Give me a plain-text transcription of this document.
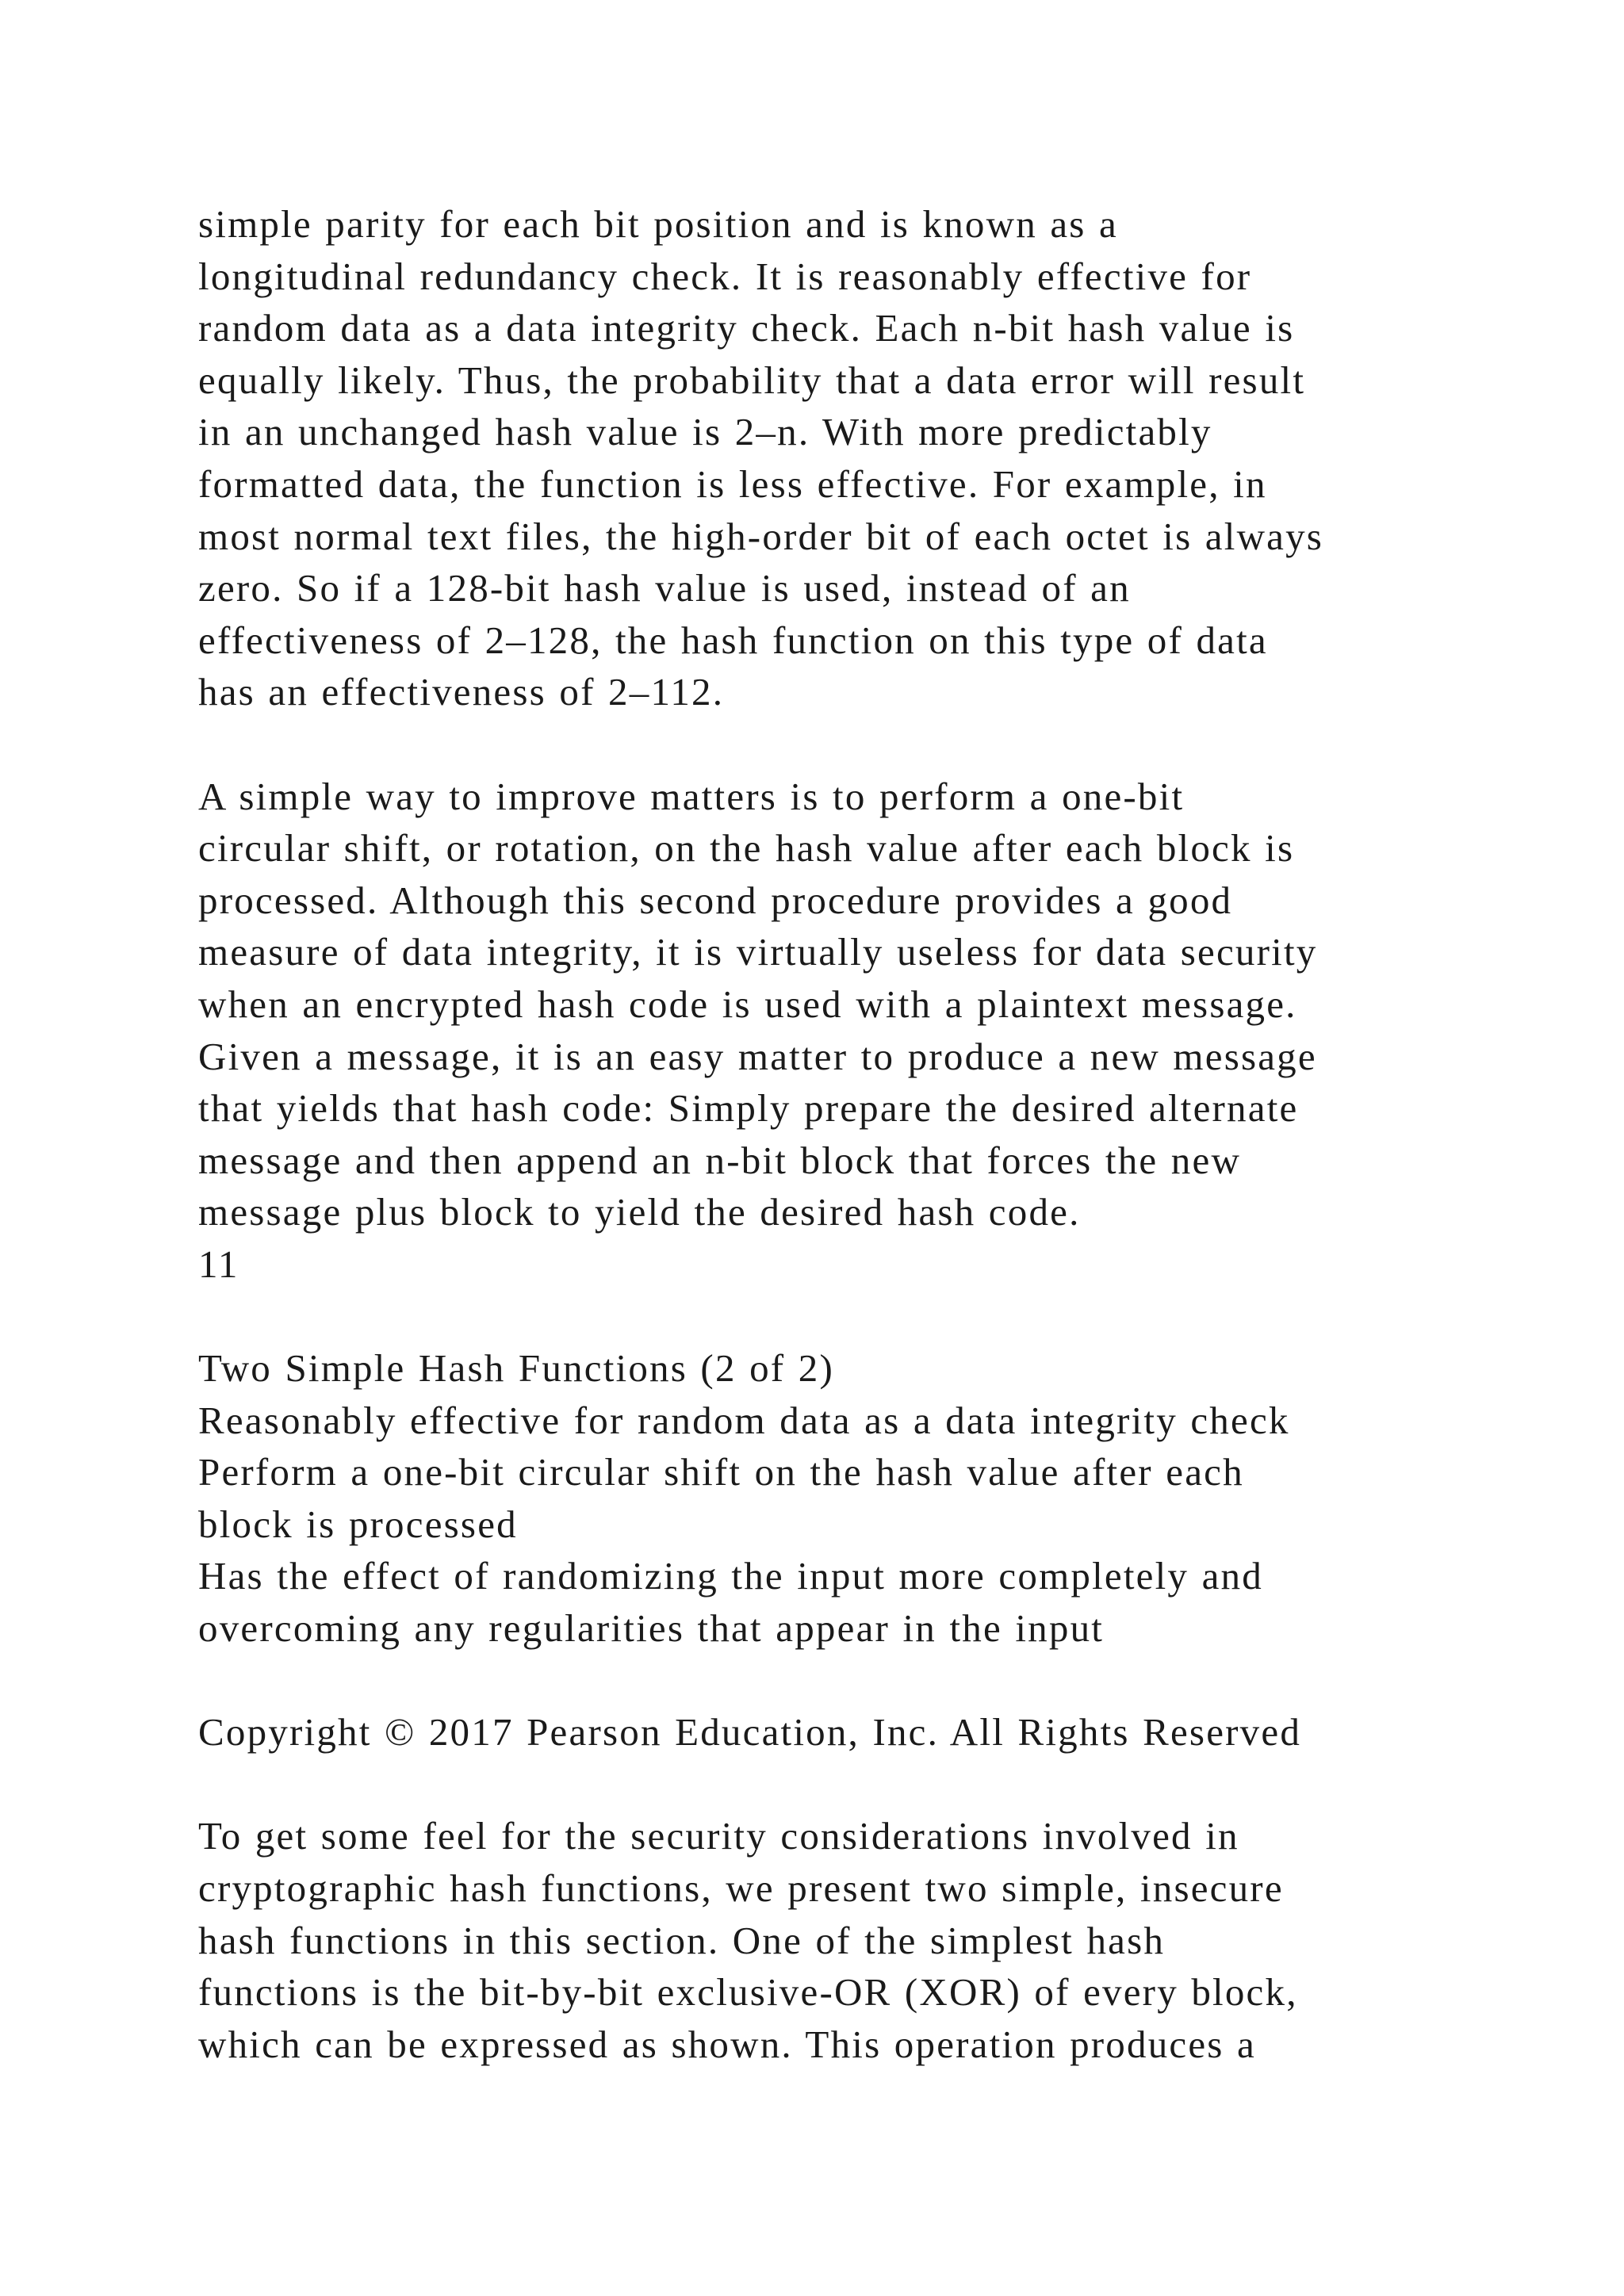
simple parity for each bit position and is known as a
longitudinal redundancy check. It is reasonably effective for
random data as a data integrity check. Each n-bit hash value is
equally likely. Thus, the probability that a data error will result
in an unchanged hash value is 2–n. With more predictably
formatted data, the function is less effective. For example, in
most normal text files, the high-order bit of each octet is always
zero. So if a 128-bit hash value is used, instead of an
effectiveness of 2–128, the hash function on this type of data
has an effectiveness of 2–112.
A simple way to improve matters is to perform a one-bit
circular shift, or rotation, on the hash value after each block is
processed. Although this second procedure provides a good
measure of data integrity, it is virtually useless for data security
when an encrypted hash code is used with a plaintext message.
Given a message, it is an easy matter to produce a new message
that yields that hash code: Simply prepare the desired alternate
message and then append an n-bit block that forces the new
message plus block to yield the desired hash code.
11
Two Simple Hash Functions (2 of 2)
Reasonably effective for random data as a data integrity check
Perform a one-bit circular shift on the hash value after each
block is processed
Has the effect of randomizing the input more completely and
overcoming any regularities that appear in the input
Copyright © 2017 Pearson Education, Inc. All Rights Reserved
To get some feel for the security considerations involved in
cryptographic hash functions, we present two simple, insecure
hash functions in this section. One of the simplest hash
functions is the bit-by-bit exclusive-OR (XOR) of every block,
which can be expressed as shown. This operation produces a
